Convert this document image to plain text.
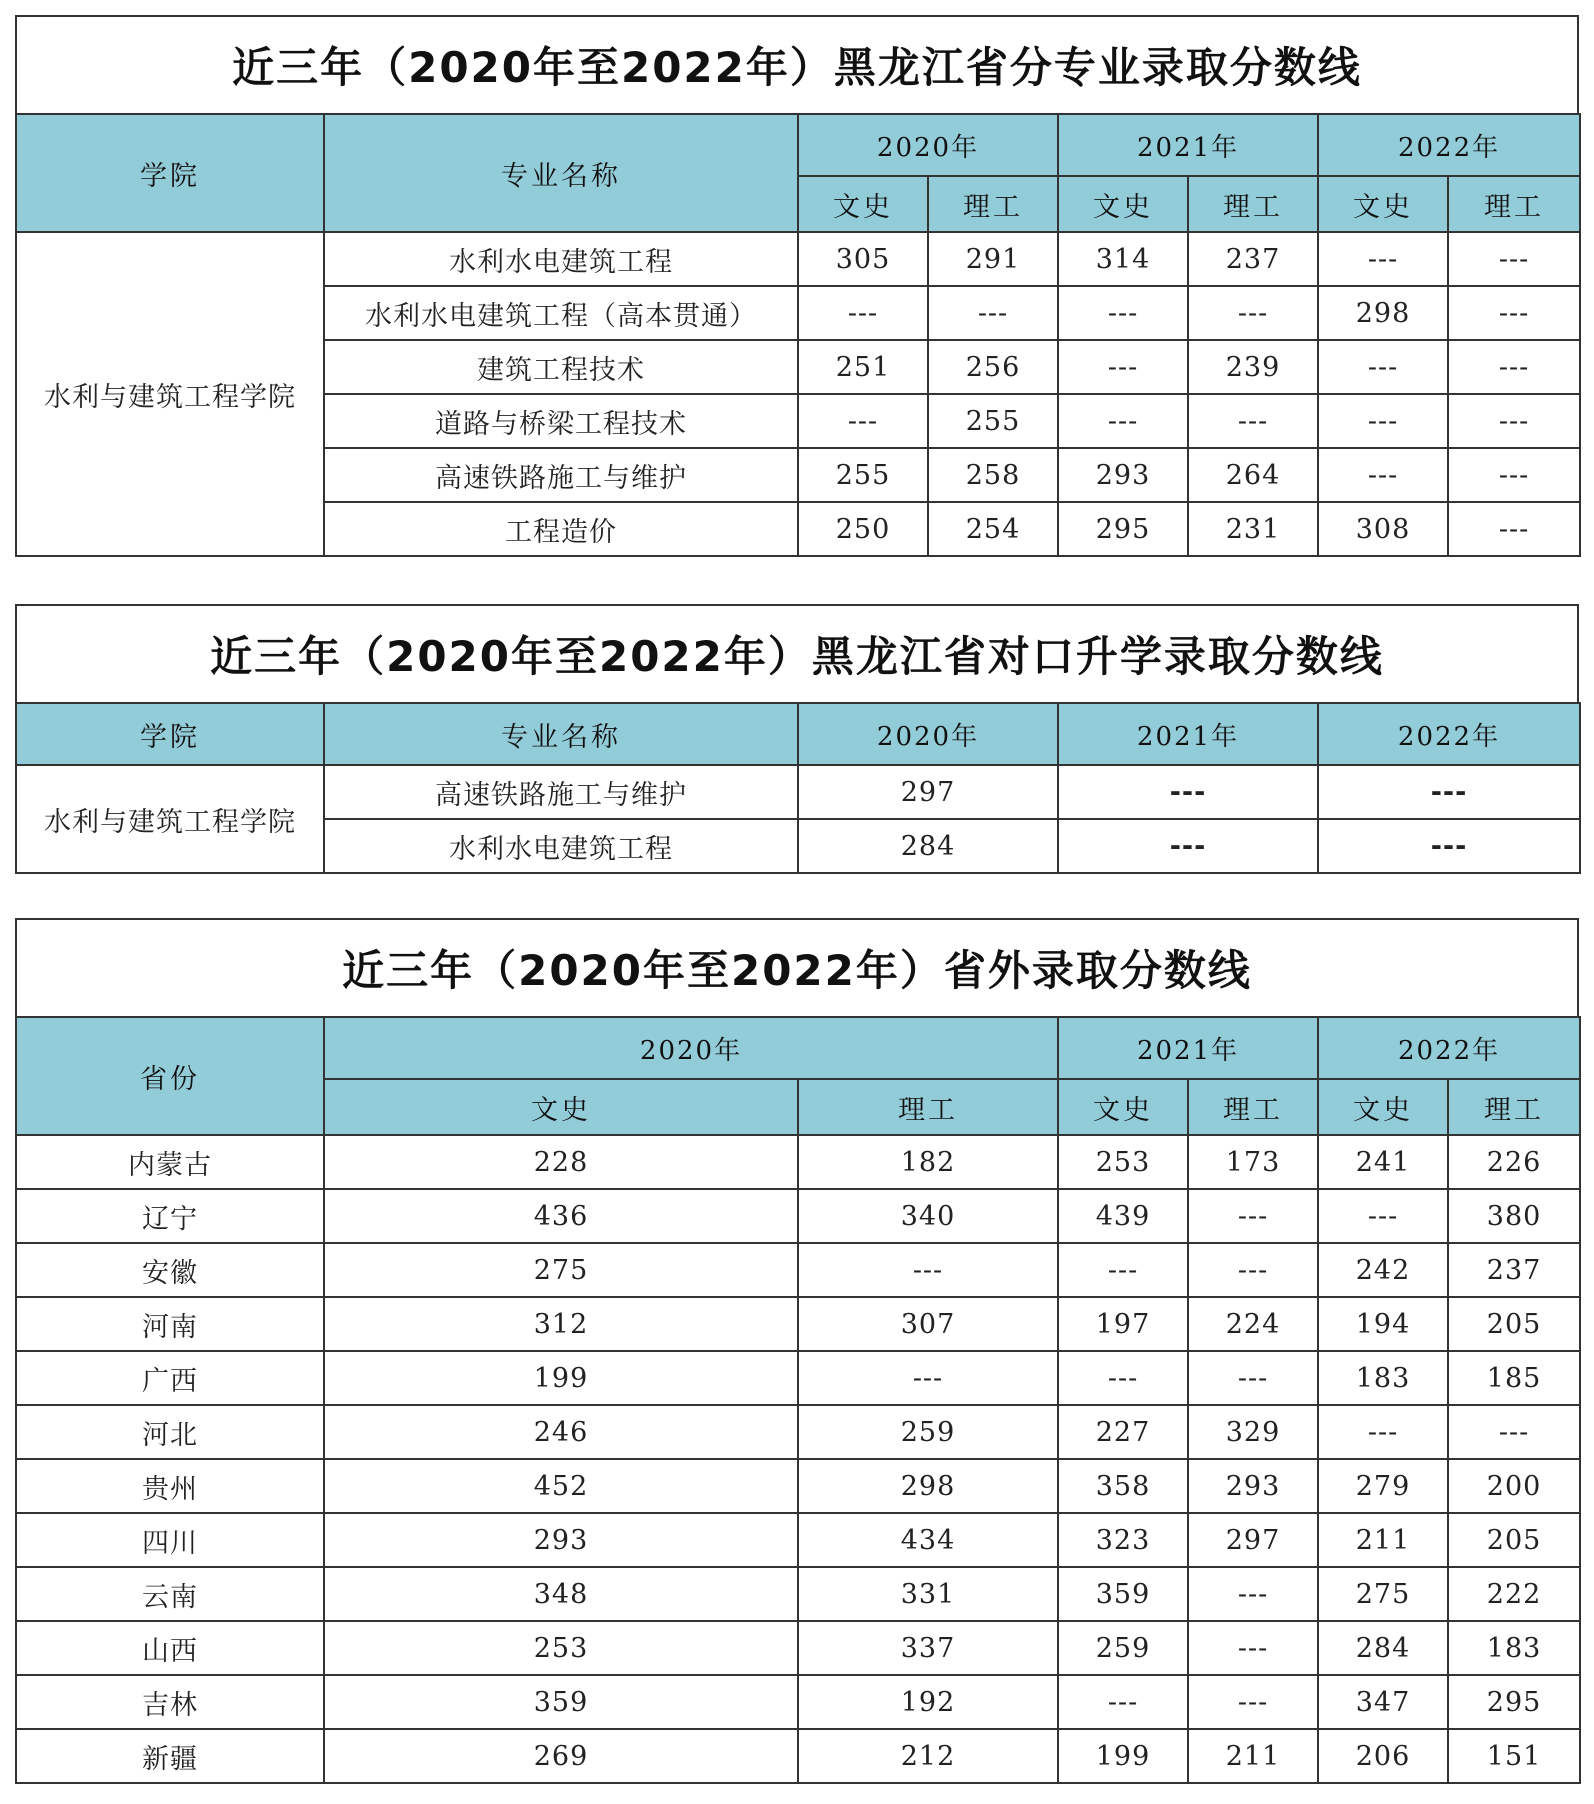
近三年（2020年至2022年）黑龙江省分专业录取分数线
学院	专业名称	2020年		2021年		2022年	
		文史	理工	文史	理工	文史	理工
水利与建筑工程学院	水利水电建筑工程	305	291	314	237	---	---
	水利水电建筑工程（高本贯通）	---	---	---	---	298	---
	建筑工程技术	251	256	---	239	---	---
	道路与桥梁工程技术	---	255	---	---	---	---
	高速铁路施工与维护	255	258	293	264	---	---
	工程造价	250	254	295	231	308	---
近三年（2020年至2022年）黑龙江省对口升学录取分数线
学院	专业名称	2020年	2021年	2022年
水利与建筑工程学院	高速铁路施工与维护	297	---	---
	水利水电建筑工程	284	---	---
近三年（2020年至2022年）省外录取分数线
省份	2020年		2021年		2022年	
	文史	理工	文史	理工	文史	理工
内蒙古	228	182	253	173	241	226
辽宁	436	340	439	---	---	380
安徽	275	---	---	---	242	237
河南	312	307	197	224	194	205
广西	199	---	---	---	183	185
河北	246	259	227	329	---	---
贵州	452	298	358	293	279	200
四川	293	434	323	297	211	205
云南	348	331	359	---	275	222
山西	253	337	259	---	284	183
吉林	359	192	---	---	347	295
新疆	269	212	199	211	206	151
